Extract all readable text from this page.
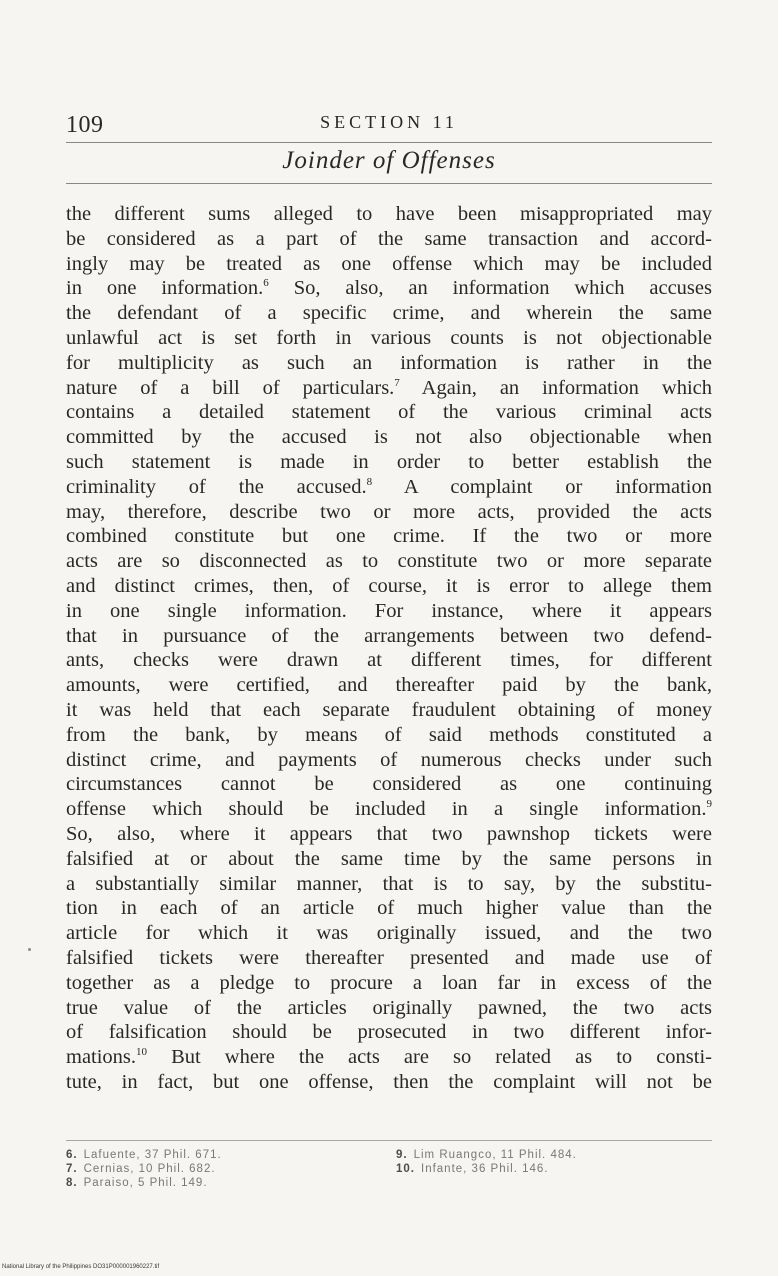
109	SECTION 11
Joinder of Offenses
the different sums alleged to have been misappropriated may
be considered as a part of the same transaction and accord-
ingly may be treated as one offense which may be included
in one information.$^6$ So, also, an information which accuses
the defendant of a specific crime, and wherein the same
unlawful act is set forth in various counts is not objectionable
for multiplicity as such an information is rather in the
nature of a bill of particulars.$^7$ Again, an information which
contains a detailed statement of the various criminal acts
committed by the accused is not also objectionable when
such statement is made in order to better establish the
criminality of the accused.$^8$ A complaint or information
may, therefore, describe two or more acts, provided the acts
combined constitute but one crime. If the two or more
acts are so disconnected as to constitute two or more separate
and distinct crimes, then, of course, it is error to allege them
in one single information. For instance, where it appears
that in pursuance of the arrangements between two defend-
ants, checks were drawn at different times, for different
amounts, were certified, and thereafter paid by the bank,
it was held that each separate fraudulent obtaining of money
from the bank, by means of said methods constituted a
distinct crime, and payments of numerous checks under such
circumstances cannot be considered as one continuing
offense which should be included in a single information.$^9$
So, also, where it appears that two pawnshop tickets were
falsified at or about the same time by the same persons in
a substantially similar manner, that is to say, by the substitu-
tion in each of an article of much higher value than the
article for which it was originally issued, and the two
falsified tickets were thereafter presented and made use of
together as a pledge to procure a loan far in excess of the
true value of the articles originally pawned, the two acts
of falsification should be prosecuted in two different infor-
mations.$^{10}$ But where the acts are so related as to consti-
tute, in fact, but one offense, then the complaint will not be
6. Lafuente, 37 Phil. 671.
7. Cernias, 10 Phil. 682.
8. Paraiso, 5 Phil. 149.
9. Lim Ruangco, 11 Phil. 484.
10. Infante, 36 Phil. 146.
National Library of the Philippines DO31P000001960227.tif
